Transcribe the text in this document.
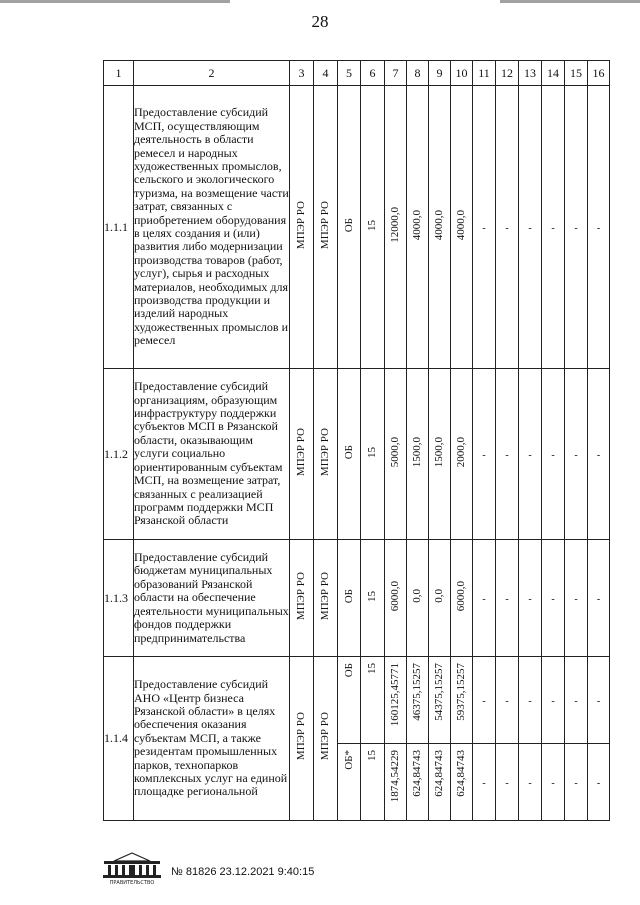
28
1	2	3	4	5	6	7	8	9	10	11	12	13	14	15	16
1.1.1	Предоставление субсидий МСП, осуществляющим деятельность в области ремесел и народных художественных промыслов, сельского и экологического туризма, на возмещение части затрат, связанных с приобретением оборудования в целях создания и (или) развития либо модернизации производства товаров (работ, услуг), сырья и расходных материалов, необходимых для производства продукции и изделий народных художественных промыслов и ремесел	МПЭР РО	МПЭР РО	ОБ	15	12000,0	4000,0	4000,0	4000,0	-	-	-	-	-	-
1.1.2	Предоставление субсидий организациям, образующим инфраструктуру поддержки субъектов МСП в Рязанской области, оказывающим услуги социально ориентированным субъектам МСП, на возмещение затрат, связанных с реализацией программ поддержки МСП Рязанской области	МПЭР РО	МПЭР РО	ОБ	15	5000,0	1500,0	1500,0	2000,0	-	-	-	-	-	-
1.1.3	Предоставление субсидий бюджетам муниципальных образований Рязанской области на обеспечение деятельности муниципальных фондов поддержки предпринимательства	МПЭР РО	МПЭР РО	ОБ	15	6000,0	0,0	0,0	6000,0	-	-	-	-	-	-
1.1.4	Предоставление субсидий АНО «Центр бизнеса Рязанской области» в целях обеспечения оказания субъектам МСП, а также резидентам промышленных парков, технопарков комплексных услуг на единой площадке региональной	МПЭР РО	МПЭР РО	ОБ	15	160125,45771	46375,15257	54375,15257	59375,15257	-	-	-	-	-	-
				ОБ*	15	1874,54229	624,84743	624,84743	624,84743	-	-	-	-	-	-
ПРАВИТЕЛЬСТВО
№ 81826 23.12.2021 9:40:15
